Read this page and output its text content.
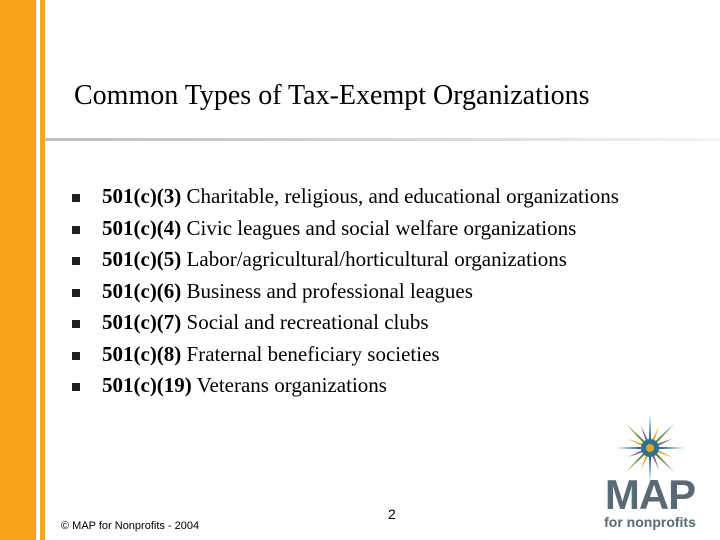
Common Types of Tax-Exempt Organizations
501(c)(3) Charitable, religious, and educational organizations
501(c)(4) Civic leagues and social welfare organizations
501(c)(5) Labor/agricultural/horticultural organizations
501(c)(6) Business and professional leagues
501(c)(7) Social and recreational clubs
501(c)(8) Fraternal beneficiary societies
501(c)(19) Veterans organizations
2
© MAP for Nonprofits - 2004
MAP
for nonprofits
